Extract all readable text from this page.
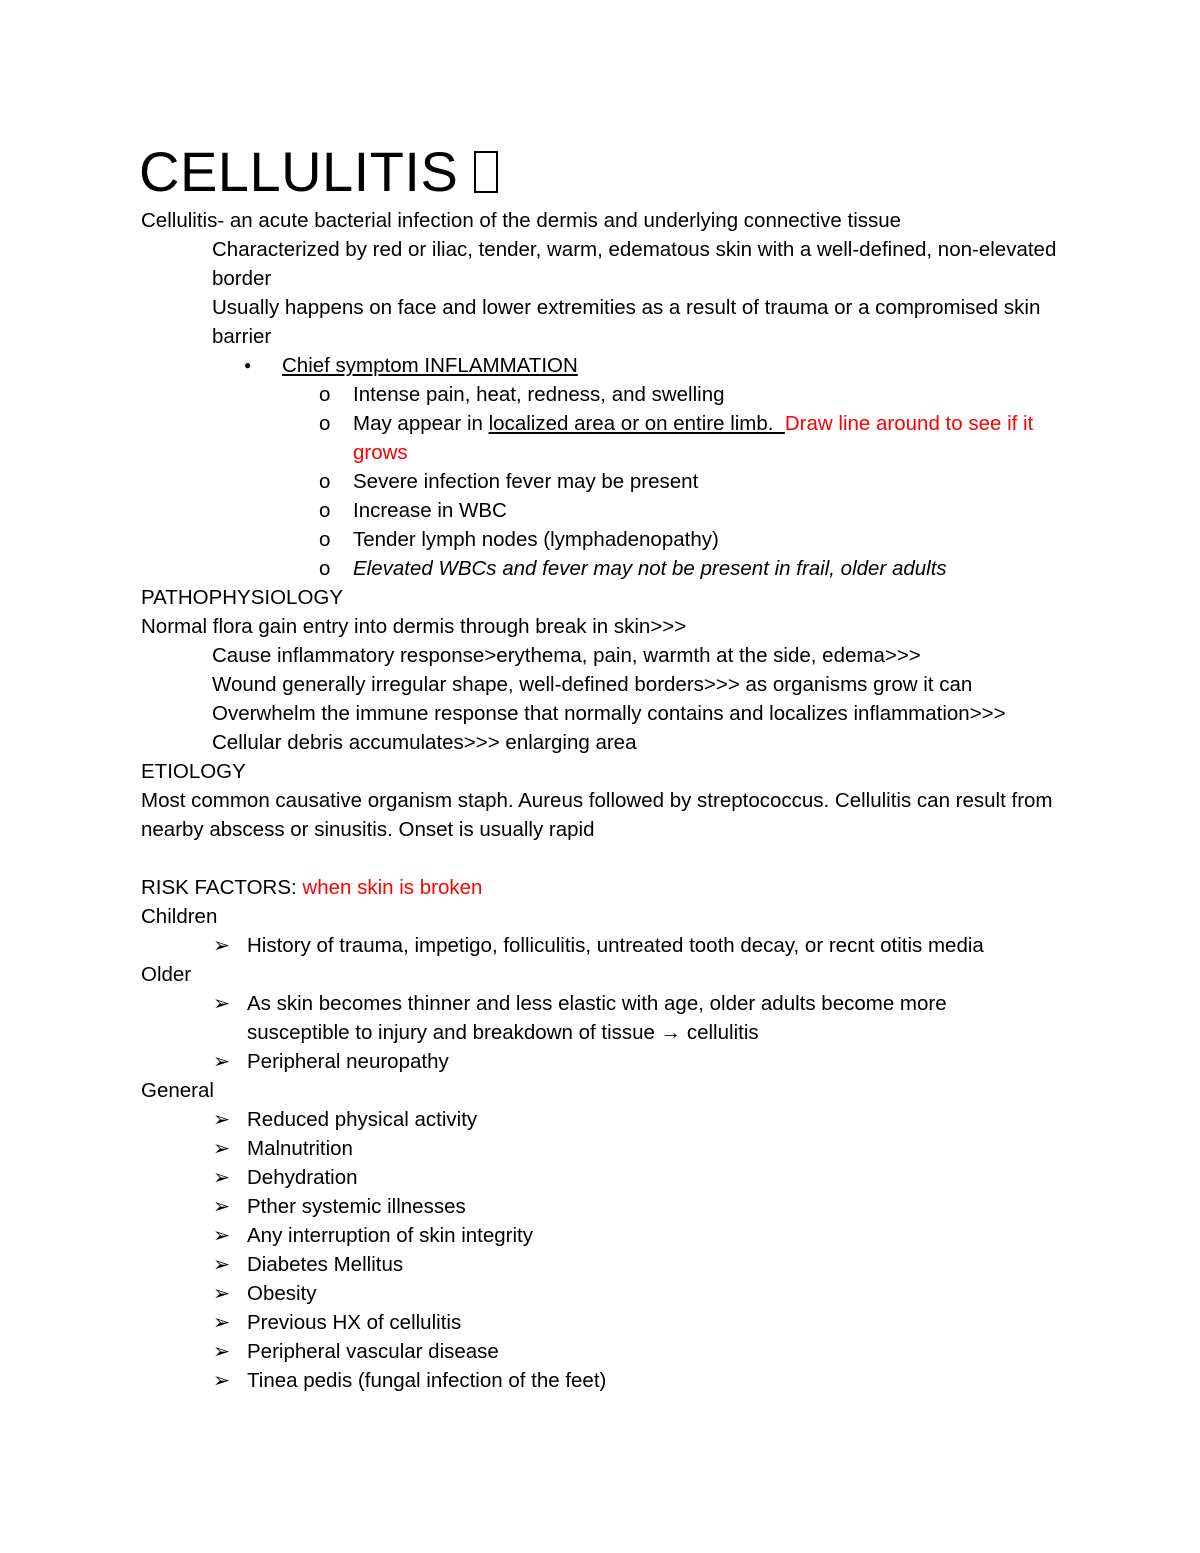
CELLULITIS
Cellulitis- an acute bacterial infection of the dermis and underlying connective tissue
Characterized by red or iliac, tender, warm, edematous skin with a well-defined, non-elevated border
Usually happens on face and lower extremities as a result of trauma or a compromised skin barrier
●	Chief symptom INFLAMMATION
o	Intense pain, heat, redness, and swelling
o	May appear in localized area or on entire limb.  Draw line around to see if it grows
o	Severe infection fever may be present
o	Increase in WBC
o	Tender lymph nodes (lymphadenopathy)
o	Elevated WBCs and fever may not be present in frail, older adults
PATHOPHYSIOLOGY
Normal flora gain entry into dermis through break in skin>>>
Cause inflammatory response>erythema, pain, warmth at the side, edema>>>
Wound generally irregular shape, well-defined borders>>> as organisms grow it can
Overwhelm the immune response that normally contains and localizes inflammation>>>
Cellular debris accumulates>>> enlarging area
ETIOLOGY
Most common causative organism staph. Aureus followed by streptococcus. Cellulitis can result from nearby abscess or sinusitis. Onset is usually rapid
RISK FACTORS: when skin is broken
Children
➢ History of trauma, impetigo, folliculitis, untreated tooth decay, or recnt otitis media
Older
➢ As skin becomes thinner and less elastic with age, older adults become more susceptible to injury and breakdown of tissue → cellulitis
➢ Peripheral neuropathy
General
➢ Reduced physical activity
➢ Malnutrition
➢ Dehydration
➢ Pther systemic illnesses
➢ Any interruption of skin integrity
➢ Diabetes Mellitus
➢ Obesity
➢ Previous HX of cellulitis
➢ Peripheral vascular disease
➢ Tinea pedis (fungal infection of the feet)
